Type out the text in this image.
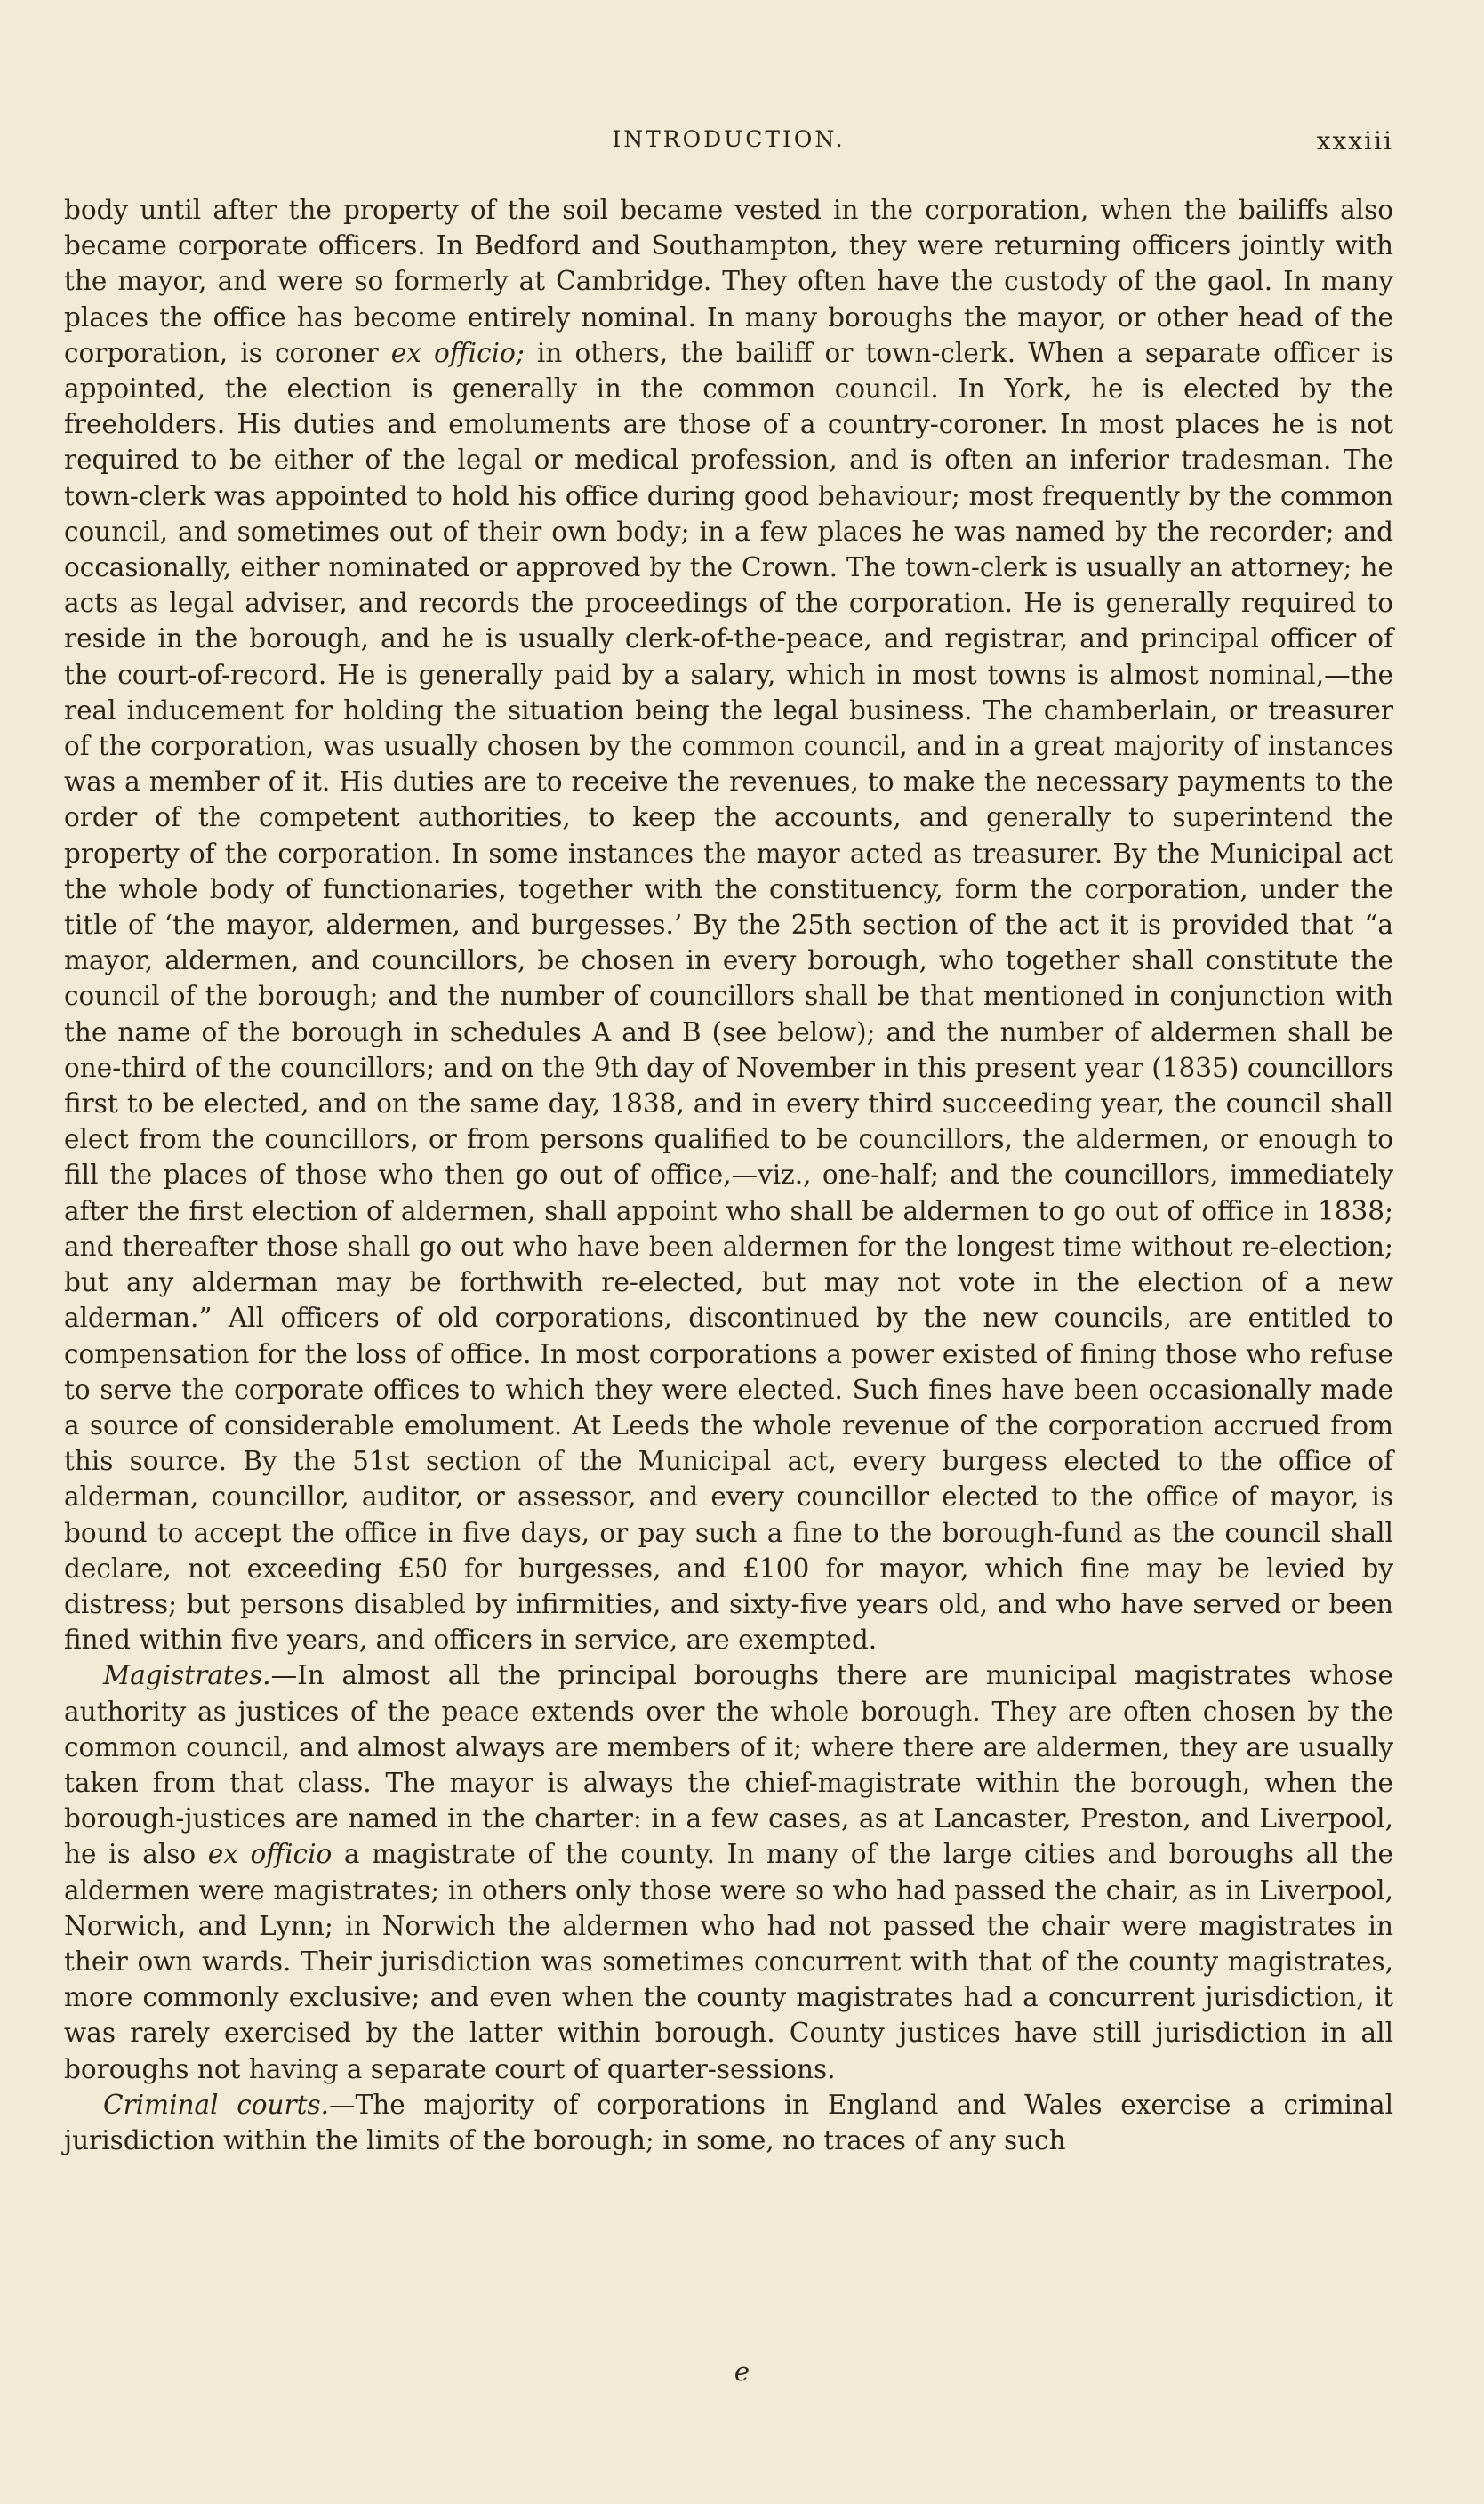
INTRODUCTION.	xxxiii

body until after the property of the soil became vested in the corporation, when the bailiffs also became corporate officers. In Bedford and Southampton, they were returning officers jointly with the mayor, and were so formerly at Cambridge. They often have the custody of the gaol. In many places the office has become entirely nominal. In many boroughs the mayor, or other head of the corporation, is coroner ex officio; in others, the bailiff or town-clerk. When a separate officer is appointed, the election is generally in the common council. In York, he is elected by the freeholders. His duties and emoluments are those of a country-coroner. In most places he is not required to be either of the legal or medical profession, and is often an inferior tradesman. The town-clerk was appointed to hold his office during good behaviour; most frequently by the common council, and sometimes out of their own body; in a few places he was named by the recorder; and occasionally, either nominated or approved by the Crown. The town-clerk is usually an attorney; he acts as legal adviser, and records the proceedings of the corporation. He is generally required to reside in the borough, and he is usually clerk-of-the-peace, and registrar, and principal officer of the court-of-record. He is generally paid by a salary, which in most towns is almost nominal,—the real inducement for holding the situation being the legal business. The chamberlain, or treasurer of the corporation, was usually chosen by the common council, and in a great majority of instances was a member of it. His duties are to receive the revenues, to make the necessary payments to the order of the competent authorities, to keep the accounts, and generally to superintend the property of the corporation. In some instances the mayor acted as treasurer. By the Municipal act the whole body of functionaries, together with the constituency, form the corporation, under the title of ‘the mayor, aldermen, and burgesses.’ By the 25th section of the act it is provided that “a mayor, aldermen, and councillors, be chosen in every borough, who together shall constitute the council of the borough; and the number of councillors shall be that mentioned in conjunction with the name of the borough in schedules A and B (see below); and the number of aldermen shall be one-third of the councillors; and on the 9th day of November in this present year (1835) councillors first to be elected, and on the same day, 1838, and in every third succeeding year, the council shall elect from the councillors, or from persons qualified to be councillors, the aldermen, or enough to fill the places of those who then go out of office,—viz., one-half; and the councillors, immediately after the first election of aldermen, shall appoint who shall be aldermen to go out of office in 1838; and thereafter those shall go out who have been aldermen for the longest time without re-election; but any alderman may be forthwith re-elected, but may not vote in the election of a new alderman.” All officers of old corporations, discontinued by the new councils, are entitled to compensation for the loss of office. In most corporations a power existed of fining those who refuse to serve the corporate offices to which they were elected. Such fines have been occasionally made a source of considerable emolument. At Leeds the whole revenue of the corporation accrued from this source. By the 51st section of the Municipal act, every burgess elected to the office of alderman, councillor, auditor, or assessor, and every councillor elected to the office of mayor, is bound to accept the office in five days, or pay such a fine to the borough-fund as the council shall declare, not exceeding £50 for burgesses, and £100 for mayor, which fine may be levied by distress; but persons disabled by infirmities, and sixty-five years old, and who have served or been fined within five years, and officers in service, are exempted.

Magistrates.—In almost all the principal boroughs there are municipal magistrates whose authority as justices of the peace extends over the whole borough. They are often chosen by the common council, and almost always are members of it; where there are aldermen, they are usually taken from that class. The mayor is always the chief-magistrate within the borough, when the borough-justices are named in the charter: in a few cases, as at Lancaster, Preston, and Liverpool, he is also ex officio a magistrate of the county. In many of the large cities and boroughs all the aldermen were magistrates; in others only those were so who had passed the chair, as in Liverpool, Norwich, and Lynn; in Norwich the aldermen who had not passed the chair were magistrates in their own wards. Their jurisdiction was sometimes concurrent with that of the county magistrates, more commonly exclusive; and even when the county magistrates had a concurrent jurisdiction, it was rarely exercised by the latter within borough. County justices have still jurisdiction in all boroughs not having a separate court of quarter-sessions.

Criminal courts.—The majority of corporations in England and Wales exercise a criminal jurisdiction within the limits of the borough; in some, no traces of any such

e
